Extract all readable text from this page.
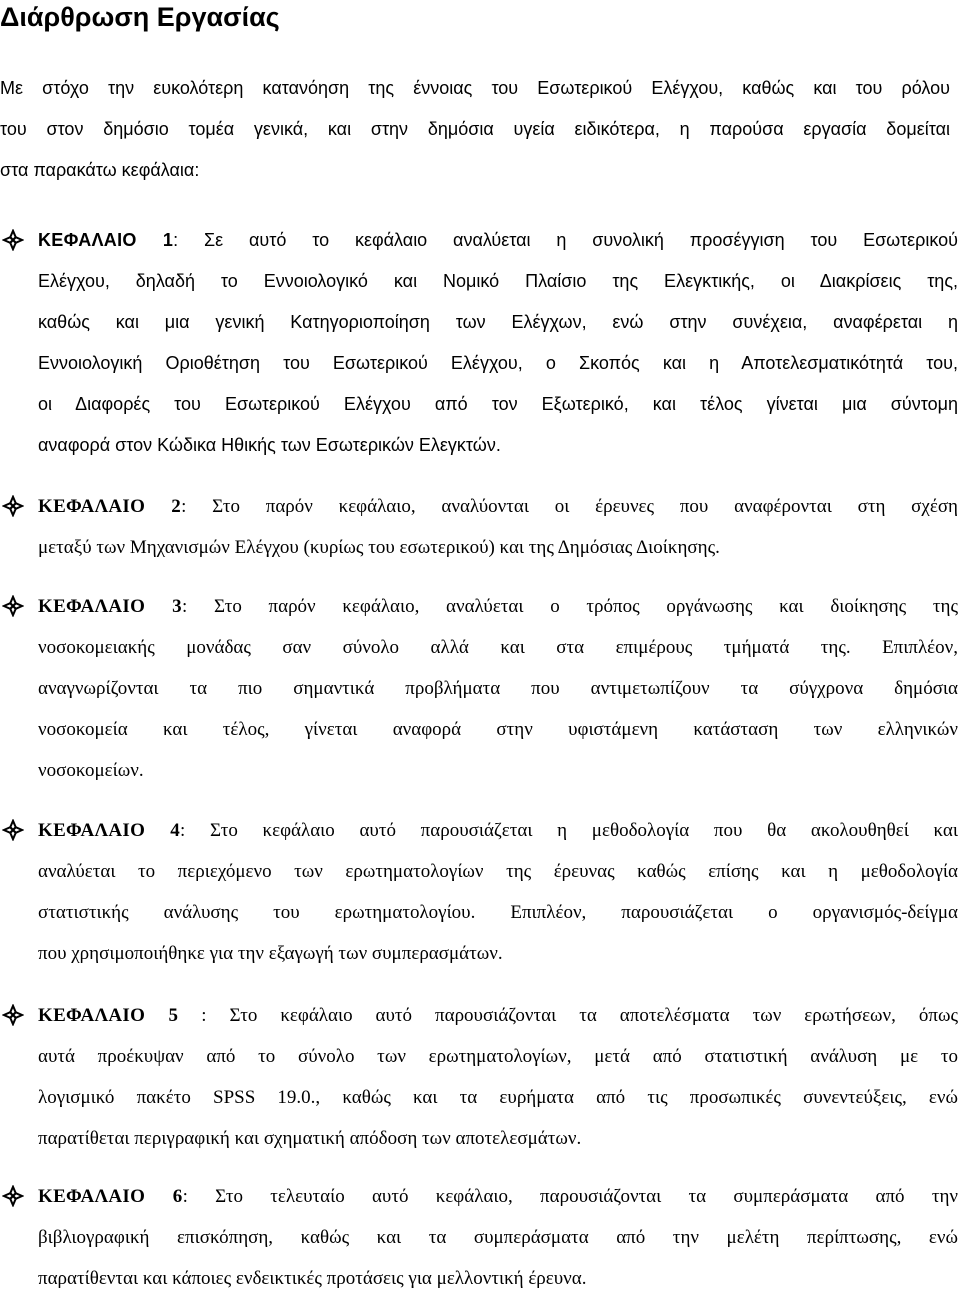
Διάρθρωση Εργασίας

Με στόχο την ευκολότερη κατανόηση της έννοιας του Εσωτερικού Ελέγχου, καθώς και του ρόλου
του στον δημόσιο τομέα γενικά, και στην δημόσια υγεία ειδικότερα, η παρούσα εργασία δομείται
στα παρακάτω κεφάλαια:

ΚΕΦΑΛΑΙΟ 1: Σε αυτό το κεφάλαιο αναλύεται η συνολική προσέγγιση του Εσωτερικού
Ελέγχου, δηλαδή το Εννοιολογικό και Νομικό Πλαίσιο της Ελεγκτικής, οι Διακρίσεις της,
καθώς και μια γενική Κατηγοριοποίηση των Ελέγχων, ενώ στην συνέχεια, αναφέρεται η
Εννοιολογική Οριοθέτηση του Εσωτερικού Ελέγχου, ο Σκοπός και η Αποτελεσματικότητά του,
οι Διαφορές του Εσωτερικού Ελέγχου από τον Εξωτερικό, και τέλος γίνεται μια σύντομη
αναφορά στον Κώδικα Ηθικής των Εσωτερικών Ελεγκτών.

ΚΕΦΑΛΑΙΟ 2: Στο παρόν κεφάλαιο, αναλύονται οι έρευνες που αναφέρονται στη σχέση
μεταξύ των Μηχανισμών Ελέγχου (κυρίως του εσωτερικού) και της Δημόσιας Διοίκησης.

ΚΕΦΑΛΑΙΟ 3: Στο παρόν κεφάλαιο, αναλύεται ο τρόπος οργάνωσης και διοίκησης της
νοσοκομειακής μονάδας σαν σύνολο αλλά και στα επιμέρους τμήματά της. Επιπλέον,
αναγνωρίζονται τα πιο σημαντικά προβλήματα που αντιμετωπίζουν τα σύγχρονα δημόσια
νοσοκομεία και τέλος, γίνεται αναφορά στην υφιστάμενη κατάσταση των ελληνικών
νοσοκομείων.

ΚΕΦΑΛΑΙΟ 4: Στο κεφάλαιο αυτό παρουσιάζεται η μεθοδολογία που θα ακολουθηθεί και
αναλύεται το περιεχόμενο των ερωτηματολογίων της έρευνας καθώς επίσης και η μεθοδολογία
στατιστικής ανάλυσης του ερωτηματολογίου. Επιπλέον, παρουσιάζεται ο οργανισμός-δείγμα
που χρησιμοποιήθηκε για την εξαγωγή των συμπερασμάτων.

ΚΕΦΑΛΑΙΟ 5 : Στο κεφάλαιο αυτό παρουσιάζονται τα αποτελέσματα των ερωτήσεων, όπως
αυτά προέκυψαν από το σύνολο των ερωτηματολογίων, μετά από στατιστική ανάλυση με το
λογισμικό πακέτο SPSS 19.0., καθώς και τα ευρήματα από τις προσωπικές συνεντεύξεις, ενώ
παρατίθεται περιγραφική και σχηματική απόδοση των αποτελεσμάτων.

ΚΕΦΑΛΑΙΟ 6: Στο τελευταίο αυτό κεφάλαιο, παρουσιάζονται τα συμπεράσματα από την
βιβλιογραφική επισκόπηση, καθώς και τα συμπεράσματα από την μελέτη περίπτωσης, ενώ
παρατίθενται και κάποιες ενδεικτικές προτάσεις για μελλοντική έρευνα.
